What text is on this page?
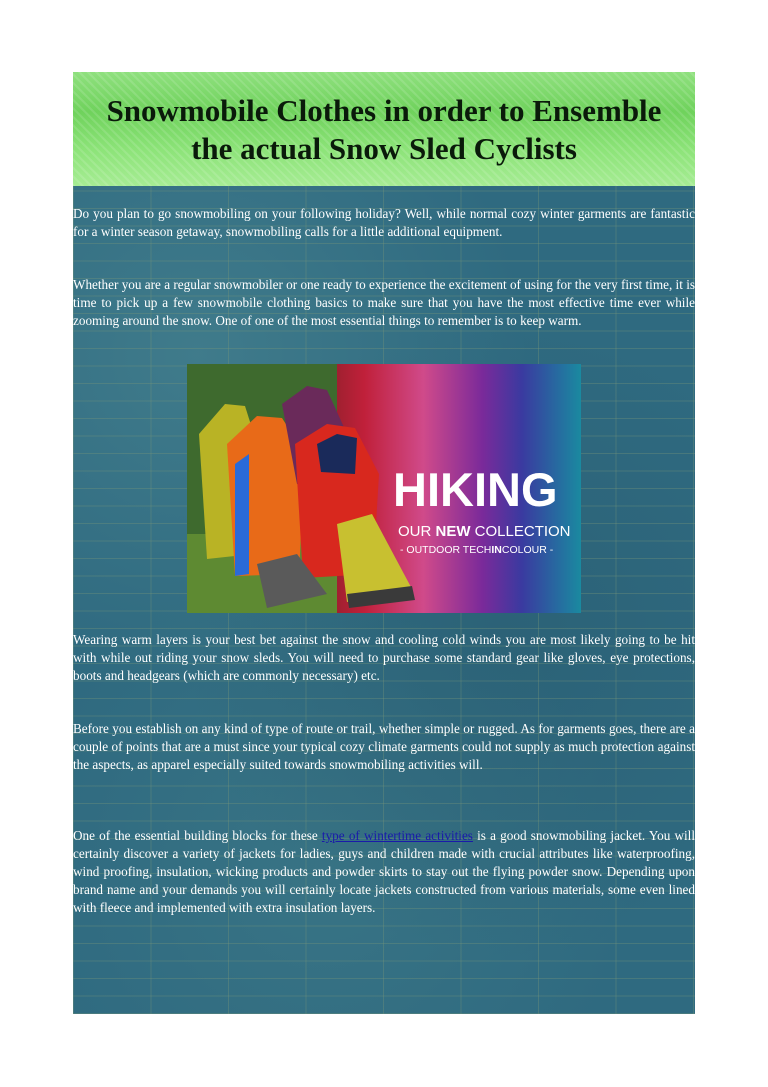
Snowmobile Clothes in order to Ensemble
the actual Snow Sled Cyclists

Do you plan to go snowmobiling on your following holiday? Well, while normal cozy winter garments are fantastic for a winter season getaway, snowmobiling calls for a little additional equipment.

Whether you are a regular snowmobiler or one ready to experience the excitement of using for the very first time, it is time to pick up a few snowmobile clothing basics to make sure that you have the most effective time ever while zooming around the snow. One of one of the most essential things to remember is to keep warm.

HIKING
OUR NEW COLLECTION
- OUTDOOR TECHINCOLOUR -

Wearing warm layers is your best bet against the snow and cooling cold winds you are most likely going to be hit with while out riding your snow sleds. You will need to purchase some standard gear like gloves, eye protections, boots and headgears (which are commonly necessary) etc.

Before you establish on any kind of type of route or trail, whether simple or rugged. As for garments goes, there are a couple of points that are a must since your typical cozy climate garments could not supply as much protection against the aspects, as apparel especially suited towards snowmobiling activities will.

One of the essential building blocks for these type of wintertime activities is a good snowmobiling jacket. You will certainly discover a variety of jackets for ladies, guys and children made with crucial attributes like waterproofing, wind proofing, insulation, wicking products and powder skirts to stay out the flying powder snow. Depending upon brand name and your demands you will certainly locate jackets constructed from various materials, some even lined with fleece and implemented with extra insulation layers.
